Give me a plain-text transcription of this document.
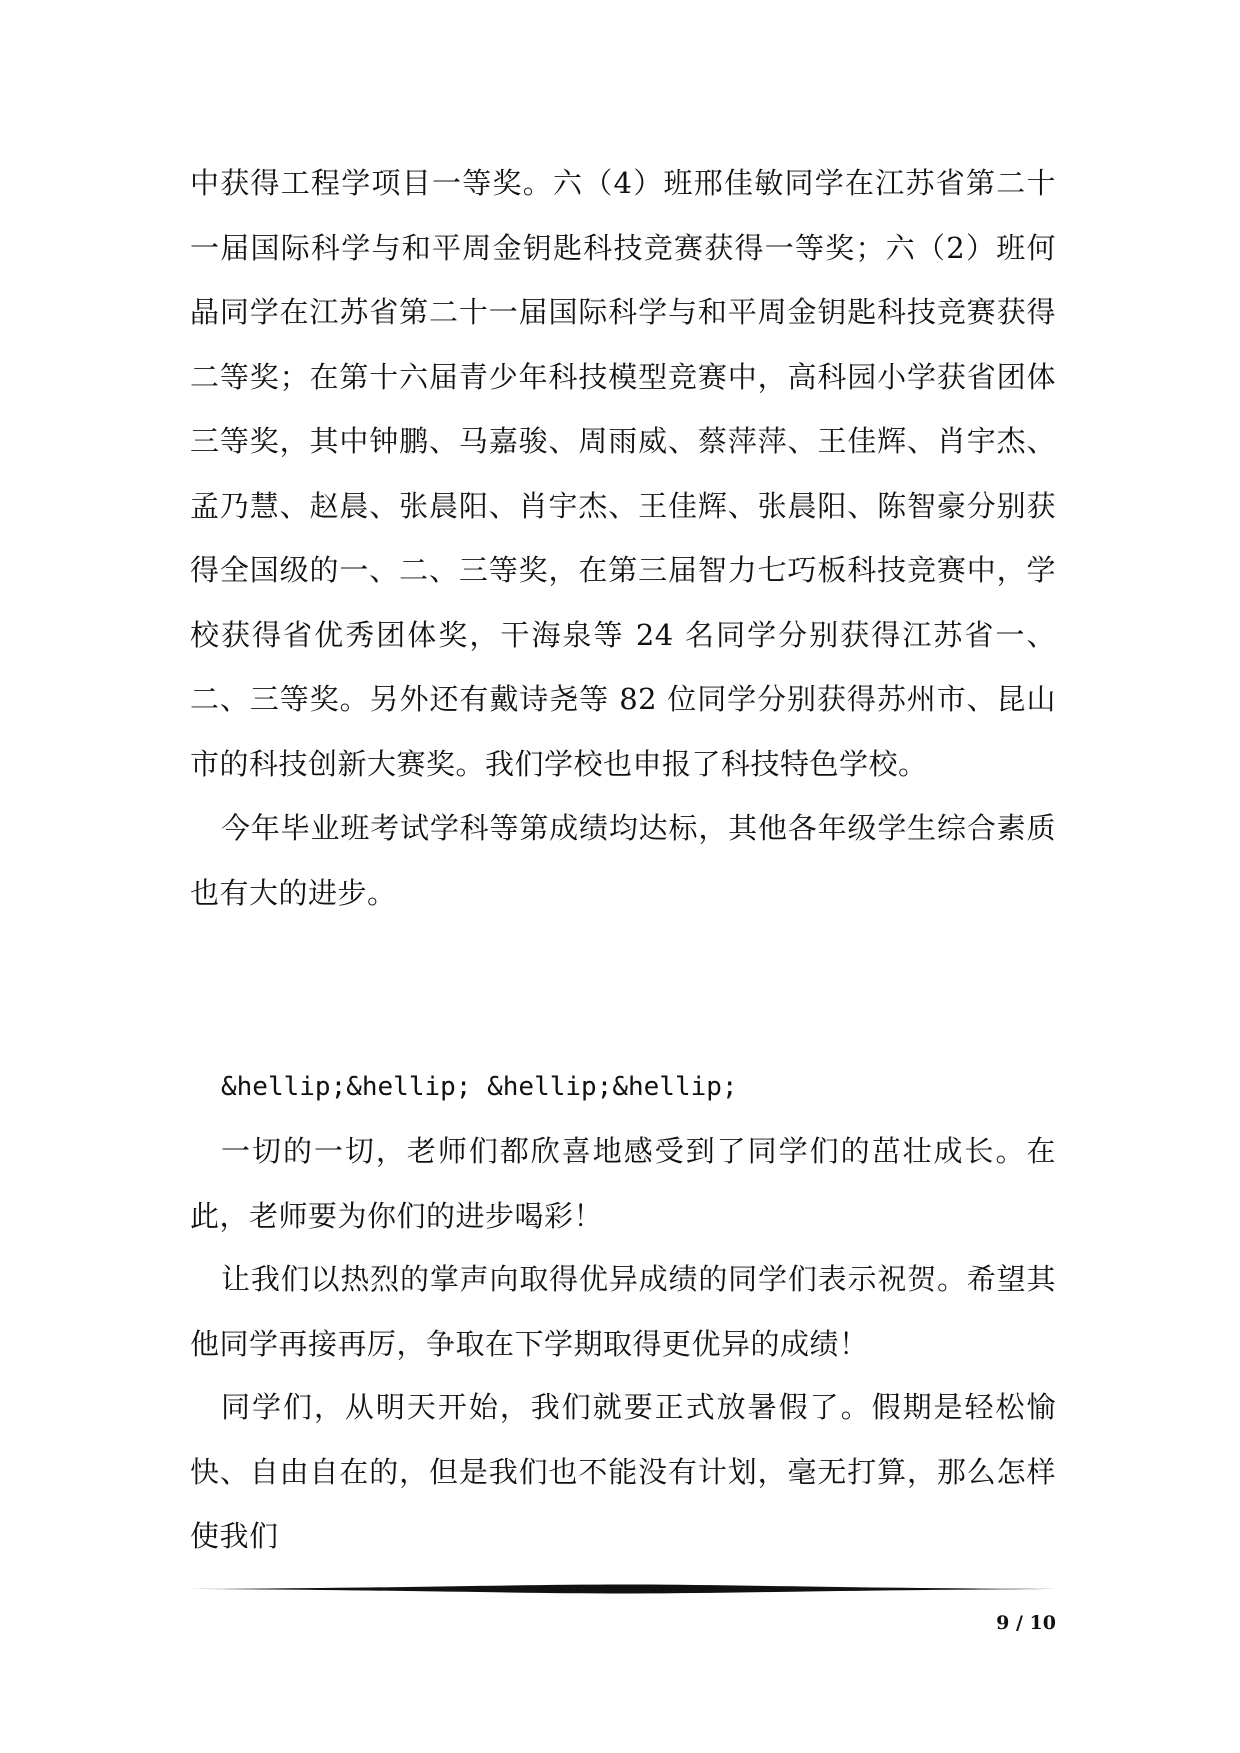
中获得工程学项目一等奖。六（4）班邢佳敏同学在江苏省第二十一届国际科学与和平周金钥匙科技竞赛获得一等奖；六（2）班何晶同学在江苏省第二十一届国际科学与和平周金钥匙科技竞赛获得二等奖；在第十六届青少年科技模型竞赛中，高科园小学获省团体三等奖，其中钟鹏、马嘉骏、周雨威、蔡萍萍、王佳辉、肖宇杰、孟乃慧、赵晨、张晨阳、肖宇杰、王佳辉、张晨阳、陈智豪分别获得全国级的一、二、三等奖，在第三届智力七巧板科技竞赛中，学校获得省优秀团体奖，干海泉等 24 名同学分别获得江苏省一、二、三等奖。另外还有戴诗尧等 82 位同学分别获得苏州市、昆山市的科技创新大赛奖。我们学校也申报了科技特色学校。

今年毕业班考试学科等第成绩均达标，其他各年级学生综合素质也有大的进步。

&hellip;&hellip; &hellip;&hellip;

一切的一切，老师们都欣喜地感受到了同学们的茁壮成长。在此，老师要为你们的进步喝彩！

让我们以热烈的掌声向取得优异成绩的同学们表示祝贺。希望其他同学再接再厉，争取在下学期取得更优异的成绩！

同学们，从明天开始，我们就要正式放暑假了。假期是轻松愉快、自由自在的，但是我们也不能没有计划，毫无打算，那么怎样使我们

9 / 10
